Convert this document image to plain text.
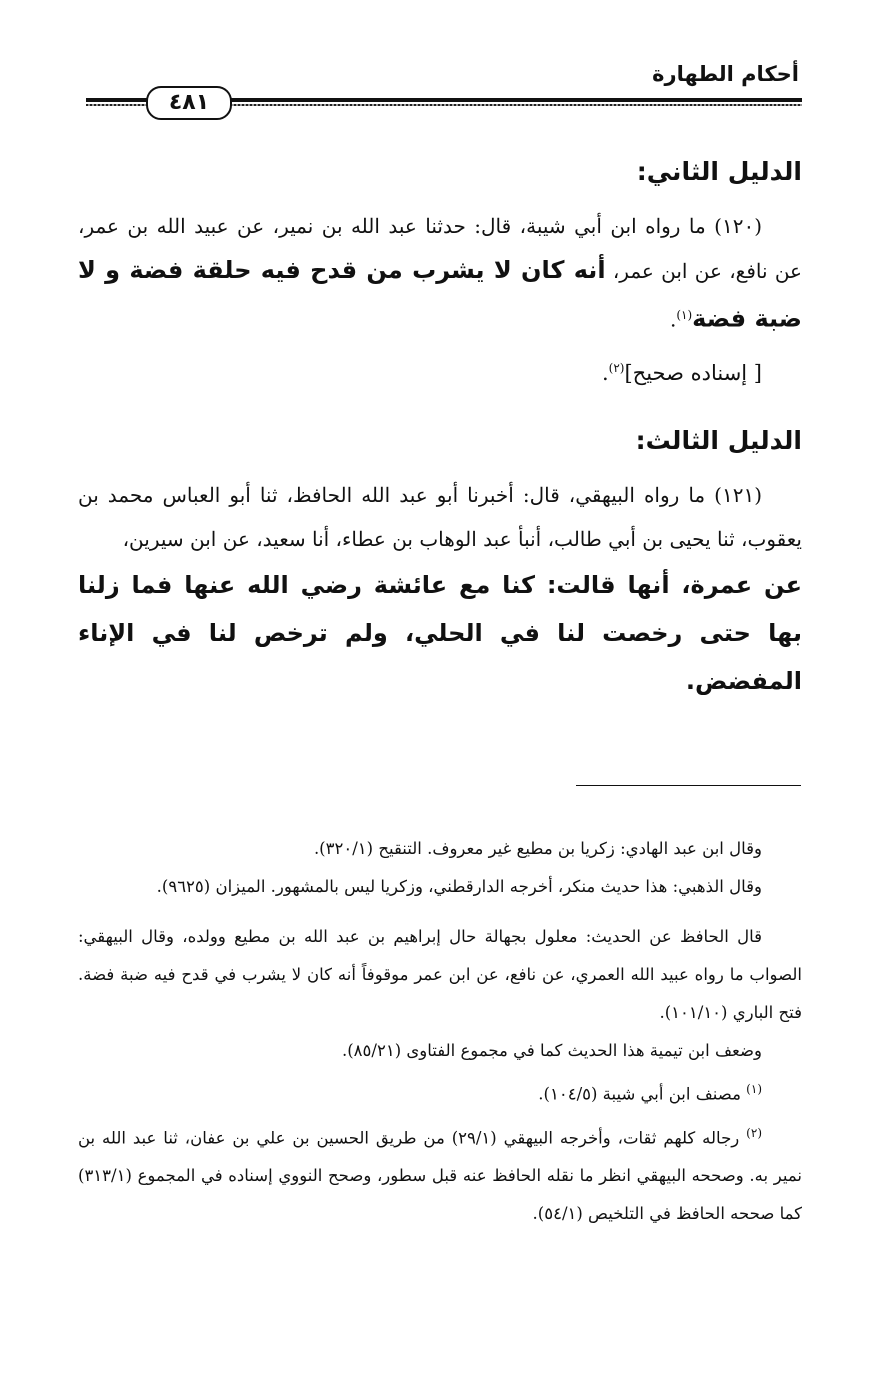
أحكام الطهارة
٤٨١
الدليل الثاني:

(١٢٠) ما رواه ابن أبي شيبة، قال: حدثنا عبد الله بن نمير، عن عبيد الله بن عمر، عن نافع، عن ابن عمر، أنه كان لا يشرب من قدح فيه حلقة فضة و لا ضبة فضة$^{(١)}$.

[ إسناده صحيح]$^{(٢)}$.
الدليل الثالث:

(١٢١) ما رواه البيهقي، قال: أخبرنا أبو عبد الله الحافظ، ثنا أبو العباس محمد بن يعقوب، ثنا يحيى بن أبي طالب، أنبأ عبد الوهاب بن عطاء، أنا سعيد، عن ابن سيرين،

عن عمرة، أنها قالت: كنا مع عائشة رضي الله عنها فما زلنا بها حتى رخصت لنا في الحلي، ولم ترخص لنا في الإناء المفضض.

وقال ابن عبد الهادي: زكريا بن مطيع غير معروف. التنقيح (٣٢٠/١).

وقال الذهبي: هذا حديث منكر، أخرجه الدارقطني، وزكريا ليس بالمشهور. الميزان (٩٦٢٥).

قال الحافظ عن الحديث: معلول بجهالة حال إبراهيم بن عبد الله بن مطيع وولده، وقال البيهقي: الصواب ما رواه عبيد الله العمري، عن نافع، عن ابن عمر موقوفاً أنه كان لا يشرب في قدح فيه ضبة فضة. فتح الباري (١٠١/١٠).

وضعف ابن تيمية هذا الحديث كما في مجموع الفتاوى (٨٥/٢١).

$^{(١)}$ مصنف ابن أبي شيبة (١٠٤/٥).

$^{(٢)}$ رجاله كلهم ثقات، وأخرجه البيهقي (٢٩/١) من طريق الحسين بن علي بن عفان، ثنا عبد الله بن نمير به. وصححه البيهقي انظر ما نقله الحافظ عنه قبل سطور، وصحح النووي إسناده في المجموع (٣١٣/١) كما صححه الحافظ في التلخيص (٥٤/١).
